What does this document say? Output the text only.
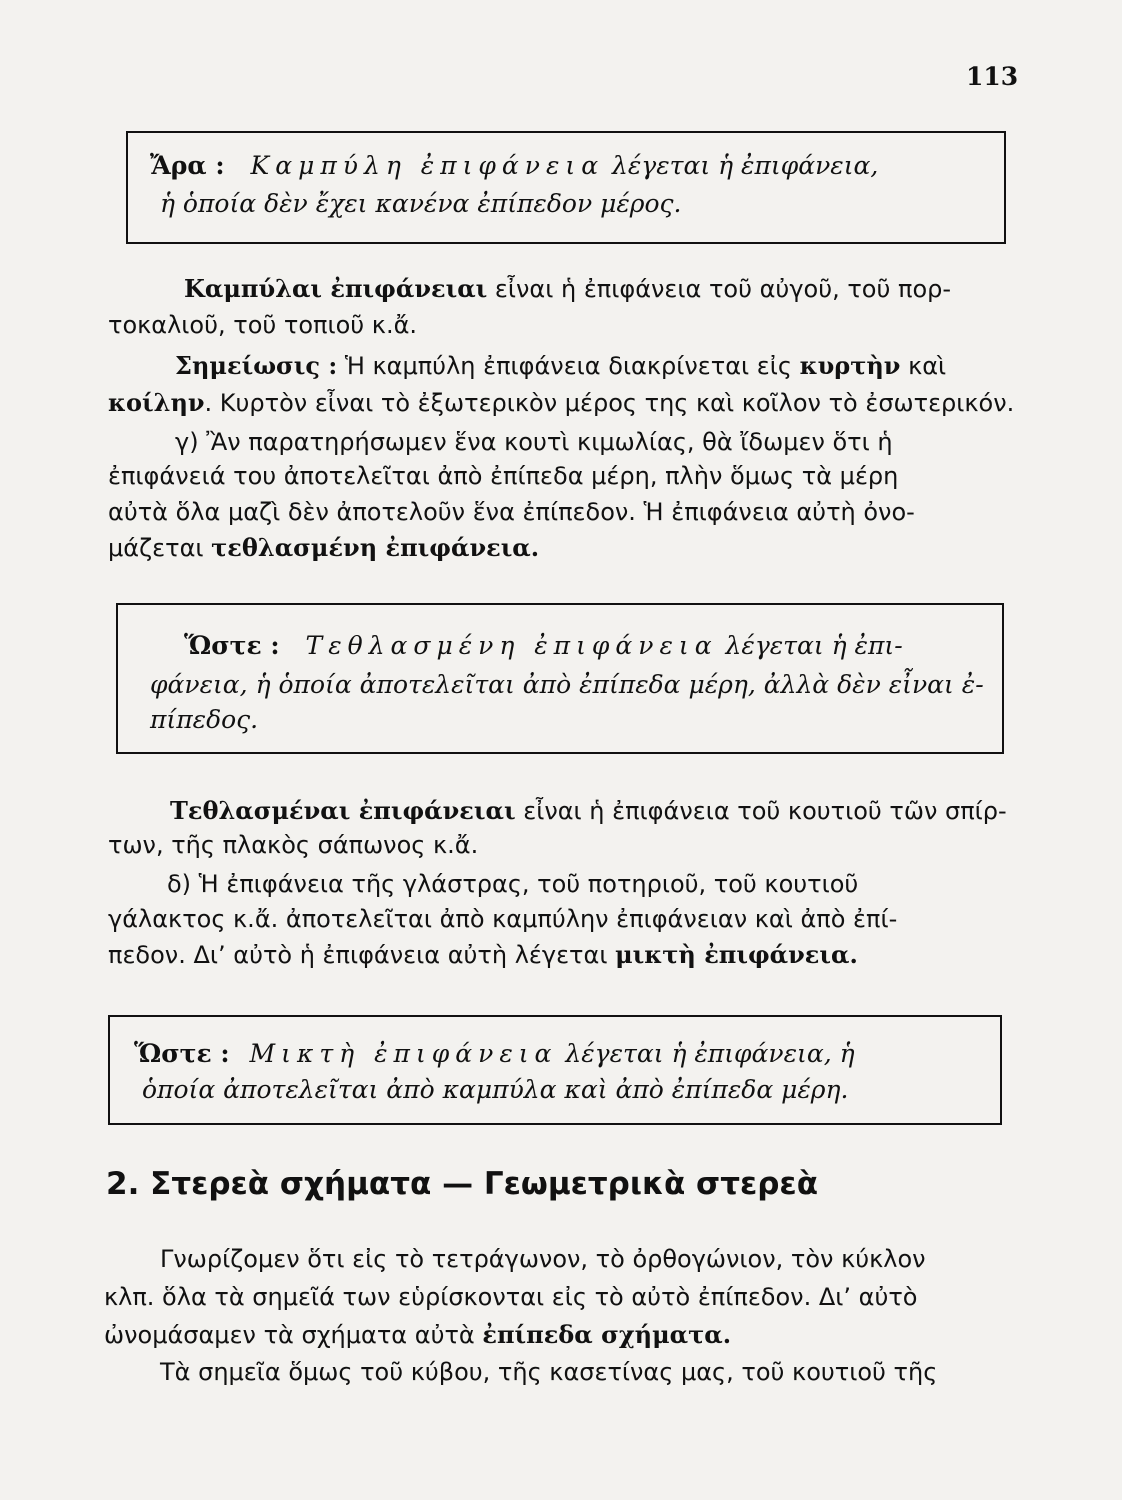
113
Ἄρα : Καμπύλη ἐπιφάνεια λέγεται ἡ ἐπιφάνεια,
ἡ ὁποία δὲν ἔχει κανένα ἐπίπεδον μέρος.
Καμπύλαι ἐπιφάνειαι εἶναι ἡ ἐπιφάνεια τοῦ αὐγοῦ, τοῦ πορ-
τοκαλιοῦ, τοῦ τοπιοῦ κ.ἄ.
Σημείωσις : Ἡ καμπύλη ἐπιφάνεια διακρίνεται εἰς κυρτὴν καὶ
κοίλην. Κυρτὸν εἶναι τὸ ἐξωτερικὸν μέρος της καὶ κοῖλον τὸ ἐσωτερικόν.
γ) Ἂν παρατηρήσωμεν ἕνα κουτὶ κιμωλίας, θὰ ἴδωμεν ὅτι ἡ
ἐπιφάνειά του ἀποτελεῖται ἀπὸ ἐπίπεδα μέρη, πλὴν ὅμως τὰ μέρη
αὐτὰ ὅλα μαζὶ δὲν ἀποτελοῦν ἕνα ἐπίπεδον. Ἡ ἐπιφάνεια αὐτὴ ὀνο-
μάζεται τεθλασμένη ἐπιφάνεια.
Ὥστε : Τεθλασμένη ἐπιφάνεια λέγεται ἡ ἐπι-
φάνεια, ἡ ὁποία ἀποτελεῖται ἀπὸ ἐπίπεδα μέρη, ἀλλὰ δὲν εἶναι ἐ-
πίπεδος.
Τεθλασμέναι ἐπιφάνειαι εἶναι ἡ ἐπιφάνεια τοῦ κουτιοῦ τῶν σπίρ-
των, τῆς πλακὸς σάπωνος κ.ἄ.
δ) Ἡ ἐπιφάνεια τῆς γλάστρας, τοῦ ποτηριοῦ, τοῦ κουτιοῦ
γάλακτος κ.ἄ. ἀποτελεῖται ἀπὸ καμπύλην ἐπιφάνειαν καὶ ἀπὸ ἐπί-
πεδον. Διʼ αὐτὸ ἡ ἐπιφάνεια αὐτὴ λέγεται μικτὴ ἐπιφάνεια.
Ὥστε : Μικτὴ ἐπιφάνεια λέγεται ἡ ἐπιφάνεια, ἡ
ὁποία ἀποτελεῖται ἀπὸ καμπύλα καὶ ἀπὸ ἐπίπεδα μέρη.
2. Στερεὰ σχήματα — Γεωμετρικὰ στερεὰ
Γνωρίζομεν ὅτι εἰς τὸ τετράγωνον, τὸ ὀρθογώνιον, τὸν κύκλον
κλπ. ὅλα τὰ σημεῖά των εὑρίσκονται εἰς τὸ αὐτὸ ἐπίπεδον. Διʼ αὐτὸ
ὠνομάσαμεν τὰ σχήματα αὐτὰ ἐπίπεδα σχήματα.
Τὰ σημεῖα ὅμως τοῦ κύβου, τῆς κασετίνας μας, τοῦ κουτιοῦ τῆς
